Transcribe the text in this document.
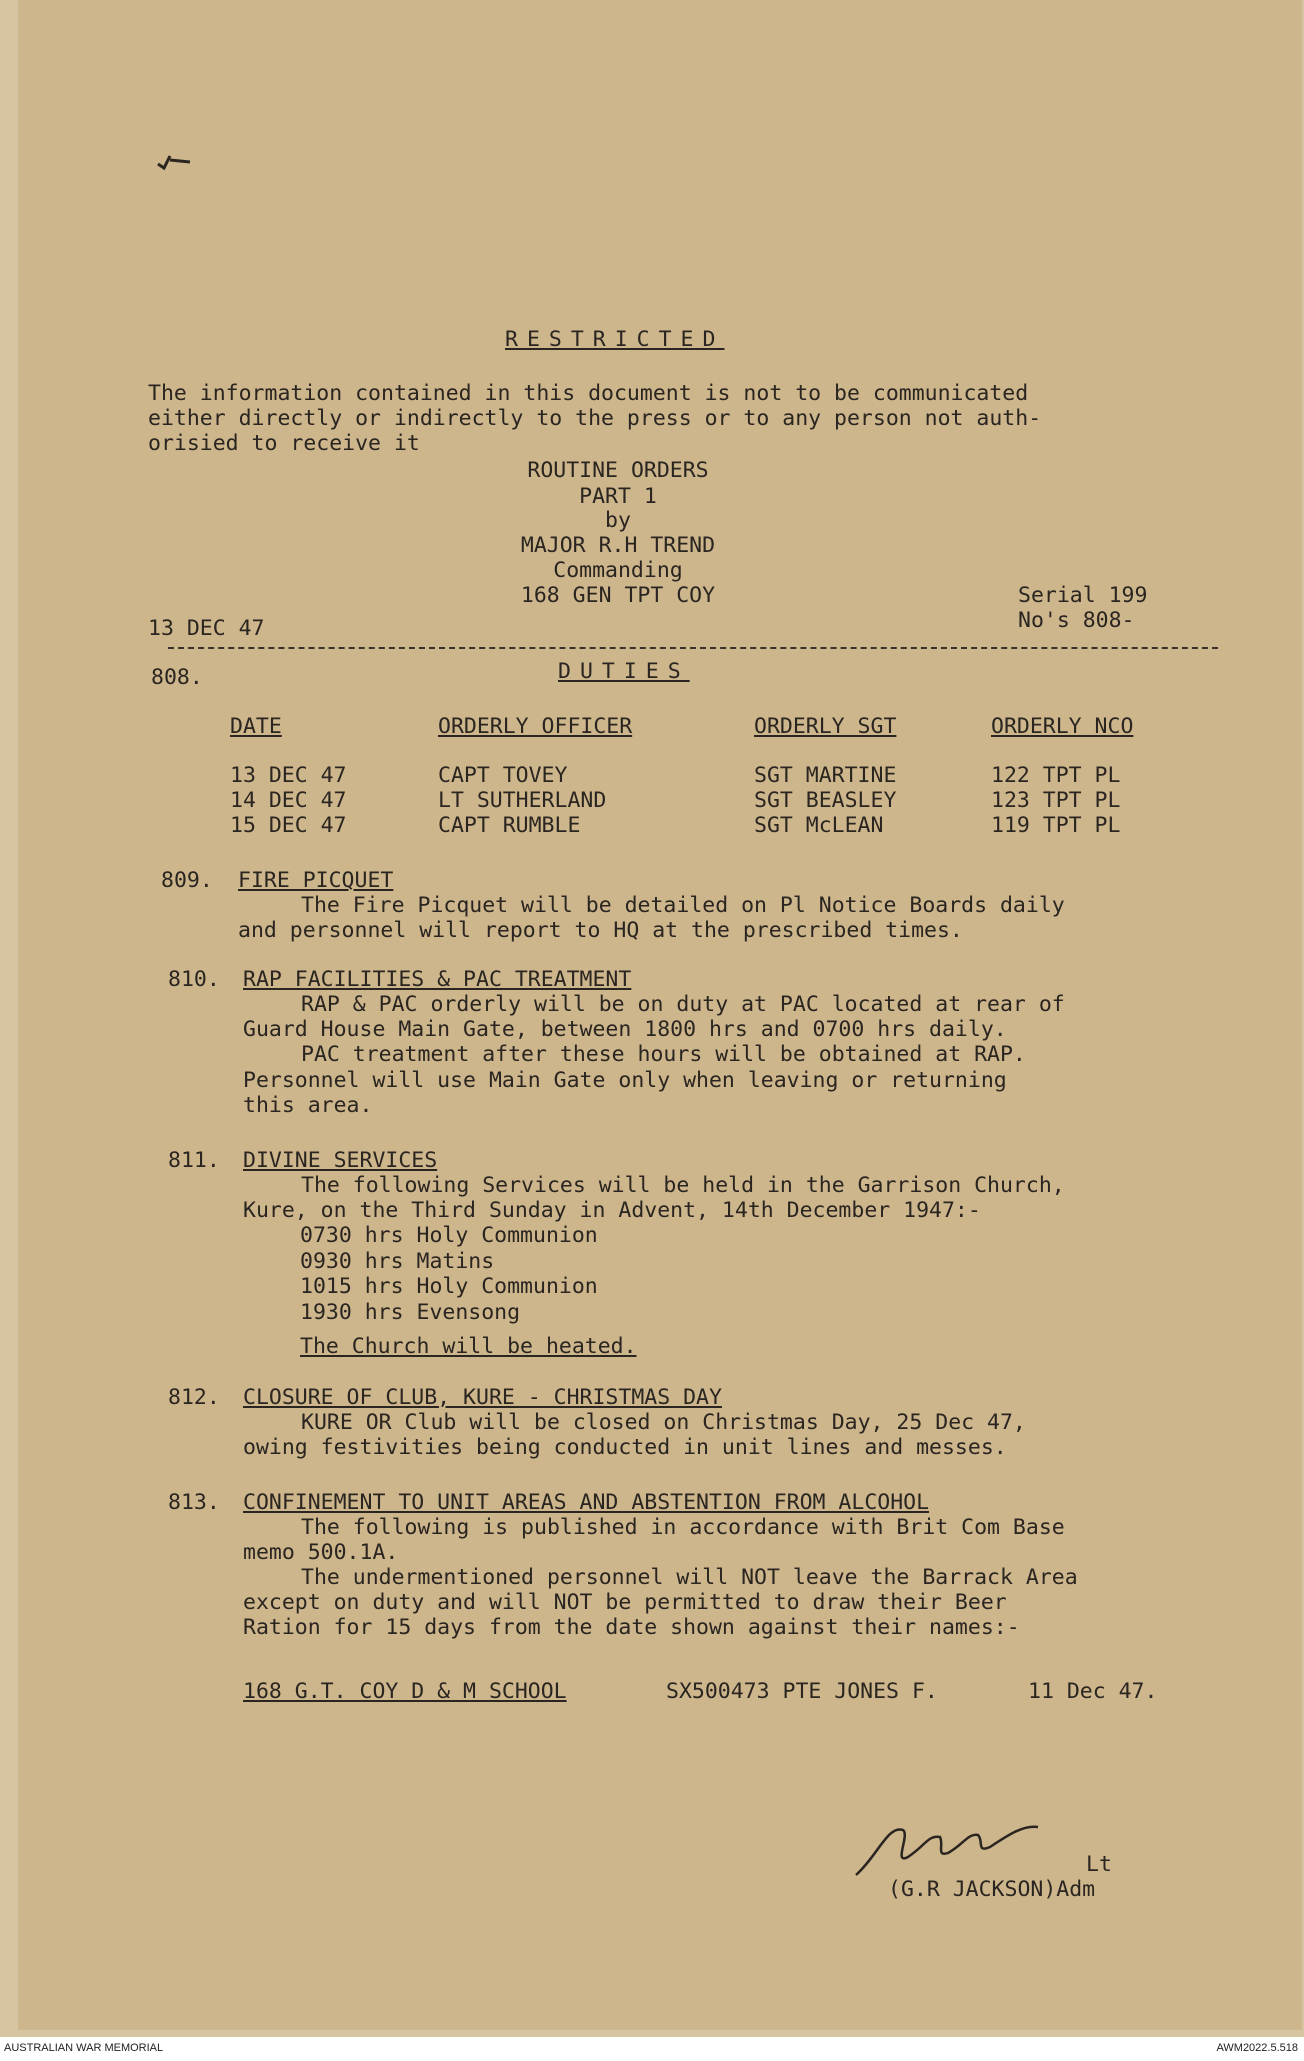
RESTRICTED
The information contained in this document is not to be communicated
either directly or indirectly to the press or to any person not auth-
orisied to receive it
ROUTINE ORDERS
PART 1
by
MAJOR R.H TREND
Commanding
168 GEN TPT COY	Serial 199
No's 808-
13 DEC 47
808.	DUTIES
DATE	ORDERLY OFFICER	ORDERLY SGT	ORDERLY NCO
13 DEC 47	CAPT TOVEY	SGT MARTINE	122 TPT PL
14 DEC 47	LT SUTHERLAND	SGT BEASLEY	123 TPT PL
15 DEC 47	CAPT RUMBLE	SGT McLEAN	119 TPT PL
809. FIRE PICQUET
The Fire Picquet will be detailed on Pl Notice Boards daily
and personnel will report to HQ at the prescribed times.
810. RAP FACILITIES & PAC TREATMENT
RAP & PAC orderly will be on duty at PAC located at rear of
Guard House Main Gate, between 1800 hrs and 0700 hrs daily.
PAC treatment after these hours will be obtained at RAP.
Personnel will use Main Gate only when leaving or returning
this area.
811. DIVINE SERVICES
The following Services will be held in the Garrison Church,
Kure, on the Third Sunday in Advent, 14th December 1947:-
0730 hrs Holy Communion
0930 hrs Matins
1015 hrs Holy Communion
1930 hrs Evensong
The Church will be heated.
812. CLOSURE OF CLUB, KURE - CHRISTMAS DAY
KURE OR Club will be closed on Christmas Day, 25 Dec 47,
owing festivities being conducted in unit lines and messes.
813. CONFINEMENT TO UNIT AREAS AND ABSTENTION FROM ALCOHOL
The following is published in accordance with Brit Com Base
memo 500.1A.
The undermentioned personnel will NOT leave the Barrack Area
except on duty and will NOT be permitted to draw their Beer
Ration for 15 days from the date shown against their names:-
168 G.T. COY D & M SCHOOL	SX500473 PTE JONES F.	11 Dec 47.
Lt
(G.R JACKSON)Adm
AUSTRALIAN WAR MEMORIAL	AWM2022.5.518
